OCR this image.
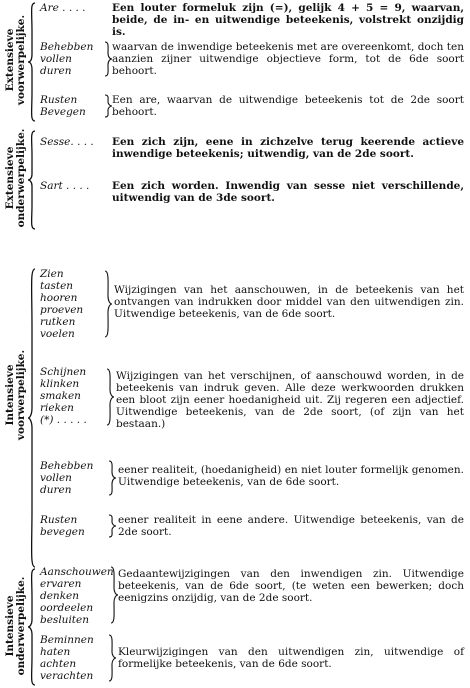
Extensieve voorwerpelijke.
Are . . . .	Een louter formeluk zijn (=), gelijk 4 + 5 = 9, waarvan, beide, de in- en uitwendige beteekenis, volstrekt onzijdig is.
Behebben
vollen
duren
waarvan de inwendige beteekenis met are overeenkomt, doch ten aanzien zijner uitwendige objectieve form, tot de 6de soort behoort.
Rusten
Bevegen
Een are, waarvan de uitwendige beteekenis tot de 2de soort behoort.
Extensieve onderwerpelijke. Sesse. . . . Een zich zijn, eene in zichzelve terug keerende actieve inwendige beteekenis; uitwendig, van de 2de soort.
Sart . . . . Een zich worden. Inwendig van sesse niet verschillende, uitwendig van de 3de soort.
Intensieve voorwerpelijke.
Zien
tasten
hooren
proeven
rutken
voelen
Wijzigingen van het aanschouwen, in de beteekenis van het ontvangen van indrukken door middel van den uitwendigen zin. Uitwendige beteekenis, van de 6de soort.
Schijnen
klinken
smaken
rieken
(*) . . . . .
Wijzigingen van het verschijnen, of aanschouwd worden, in de beteekenis van indruk geven. Alle deze werkwoorden drukken een bloot zijn eener hoedanigheid uit. Zij regeren een adjectief. Uitwendige beteekenis, van de 2de soort, (of zijn van het bestaan.)
Behebben
vollen
duren
eener realiteit, (hoedanigheid) en niet louter formelijk genomen. Uitwendige beteekenis, van de 6de soort.
Rusten
bevegen
eener realiteit in eene andere. Uitwendige beteekenis, van de 2de soort.
Intensieve onderwerpelijke.
Aanschouwen
ervaren
denken
oordeelen
besluiten
Gedaantewijzigingen van den inwendigen zin. Uitwendige beteekenis, van de 6de soort, (te weten een bewerken; doch eenigzins onzijdig, van de 2de soort.
Beminnen
haten
achten
verachten
Kleurwijzigingen van den uitwendigen zin, uitwendige of formelijke beteekenis, van de 6de soort.
